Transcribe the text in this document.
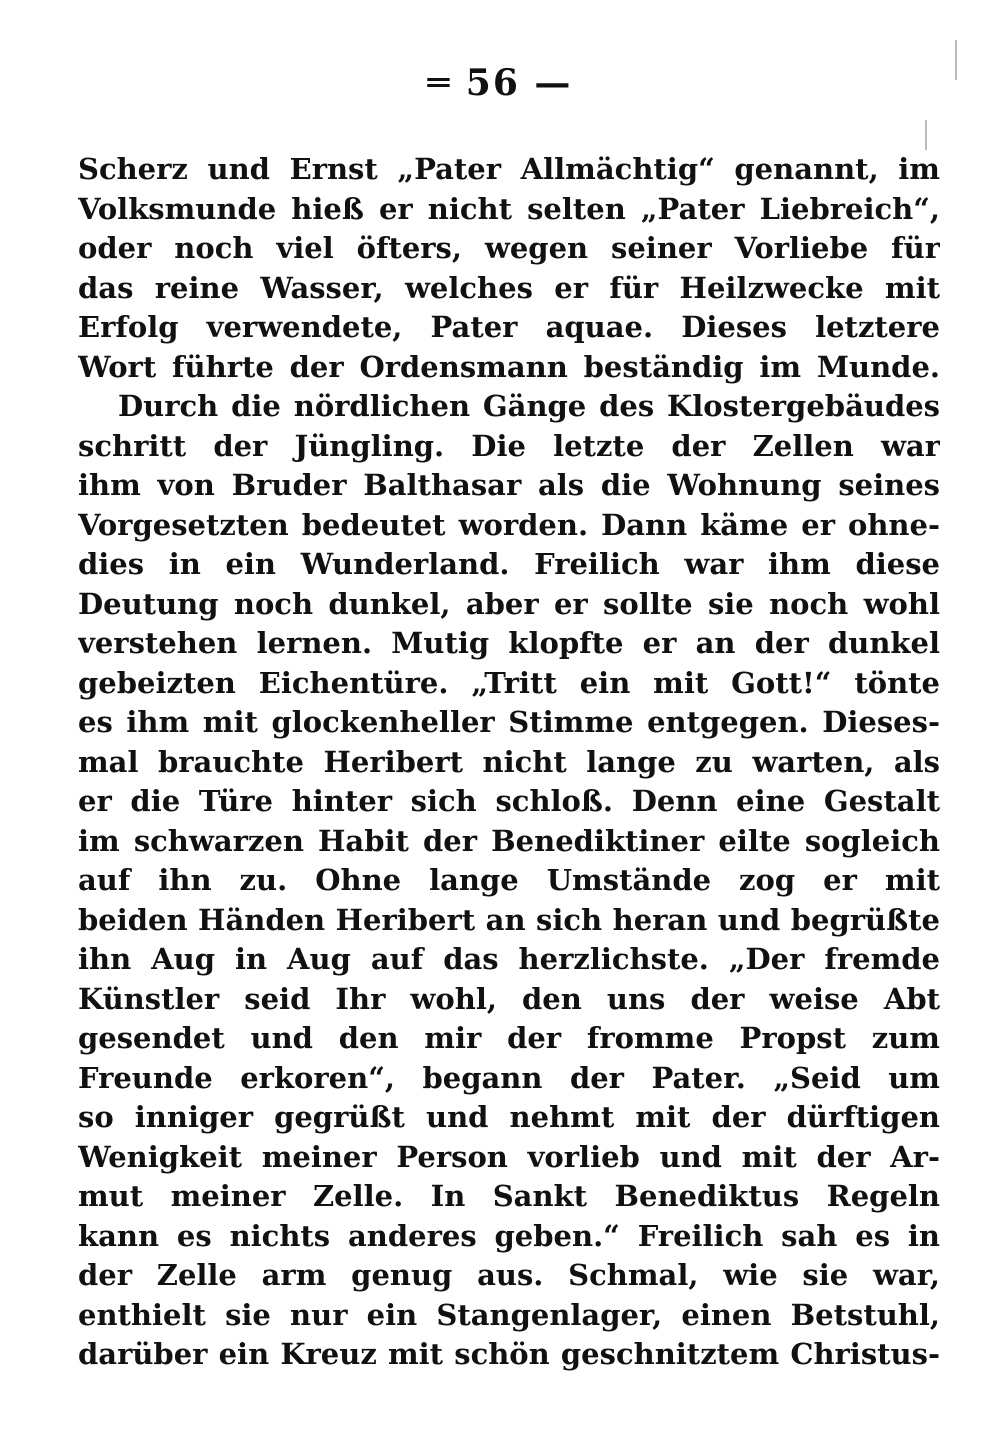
═ 56 —
Scherz und Ernst „Pater Allmächtig“ genannt, im
Volksmunde hieß er nicht selten „Pater Liebreich“,
oder noch viel öfters, wegen seiner Vorliebe für
das reine Wasser, welches er für Heilzwecke mit
Erfolg verwendete, Pater aquae. Dieses letztere
Wort führte der Ordensmann beständig im Munde.
Durch die nördlichen Gänge des Klostergebäudes
schritt der Jüngling. Die letzte der Zellen war
ihm von Bruder Balthasar als die Wohnung seines
Vorgesetzten bedeutet worden. Dann käme er ohne-
dies in ein Wunderland. Freilich war ihm diese
Deutung noch dunkel, aber er sollte sie noch wohl
verstehen lernen. Mutig klopfte er an der dunkel
gebeizten Eichentüre. „Tritt ein mit Gott!“ tönte
es ihm mit glockenheller Stimme entgegen. Dieses-
mal brauchte Heribert nicht lange zu warten, als
er die Türe hinter sich schloß. Denn eine Gestalt
im schwarzen Habit der Benediktiner eilte sogleich
auf ihn zu. Ohne lange Umstände zog er mit
beiden Händen Heribert an sich heran und begrüßte
ihn Aug in Aug auf das herzlichste. „Der fremde
Künstler seid Ihr wohl, den uns der weise Abt
gesendet und den mir der fromme Propst zum
Freunde erkoren“, begann der Pater. „Seid um
so inniger gegrüßt und nehmt mit der dürftigen
Wenigkeit meiner Person vorlieb und mit der Ar-
mut meiner Zelle. In Sankt Benediktus Regeln
kann es nichts anderes geben.“ Freilich sah es in
der Zelle arm genug aus. Schmal, wie sie war,
enthielt sie nur ein Stangenlager, einen Betstuhl,
darüber ein Kreuz mit schön geschnitztem Christus-
